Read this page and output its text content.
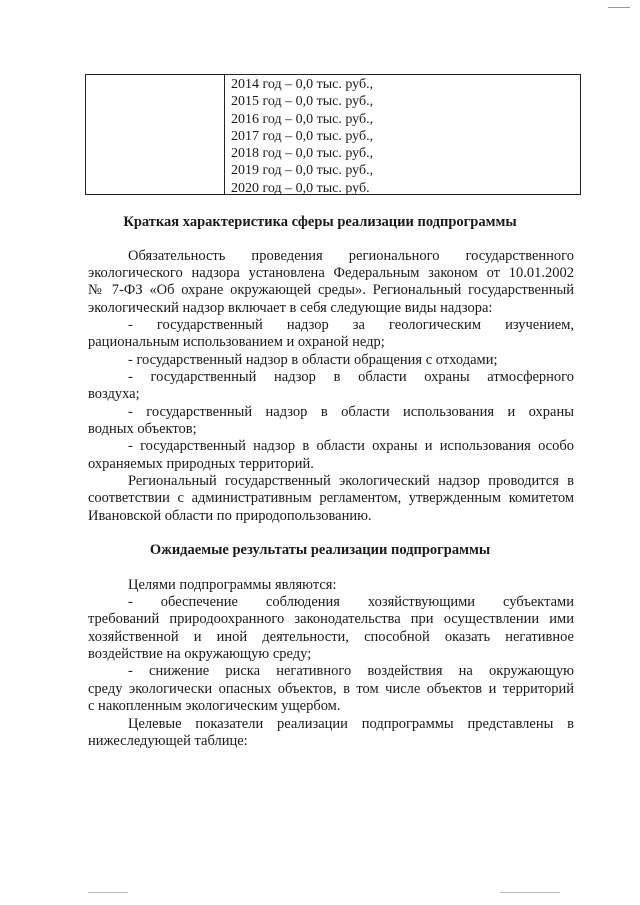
2014 год – 0,0 тыс. руб.,
2015 год – 0,0 тыс. руб.,
2016 год – 0,0 тыс. руб.,
2017 год – 0,0 тыс. руб.,
2018 год – 0,0 тыс. руб.,
2019 год – 0,0 тыс. руб.,
2020 год – 0,0 тыс. руб.
Краткая характеристика сферы реализации подпрограммы

Обязательность проведения регионального государственного

экологического надзора установлена Федеральным законом от 10.01.2002

№ 7-ФЗ «Об охране окружающей среды». Региональный государственный

экологический надзор включает в себя следующие виды надзора:

- государственный надзор за геологическим изучением,

рациональным использованием и охраной недр;

- государственный надзор в области обращения с отходами;

- государственный надзор в области охраны атмосферного

воздуха;

- государственный надзор в области использования и охраны

водных объектов;

- государственный надзор в области охраны и использования особо

охраняемых природных территорий.

Региональный государственный экологический надзор проводится в

соответствии с административным регламентом, утвержденным комитетом

Ивановской области по природопользованию.

Ожидаемые результаты реализации подпрограммы

Целями подпрограммы являются:

- обеспечение соблюдения хозяйствующими субъектами

требований природоохранного законодательства при осуществлении ими

хозяйственной и иной деятельности, способной оказать негативное

воздействие на окружающую среду;

- снижение риска негативного воздействия на окружающую

среду экологически опасных объектов, в том числе объектов и территорий

с накопленным экологическим ущербом.

Целевые показатели реализации подпрограммы представлены в

нижеследующей таблице:
